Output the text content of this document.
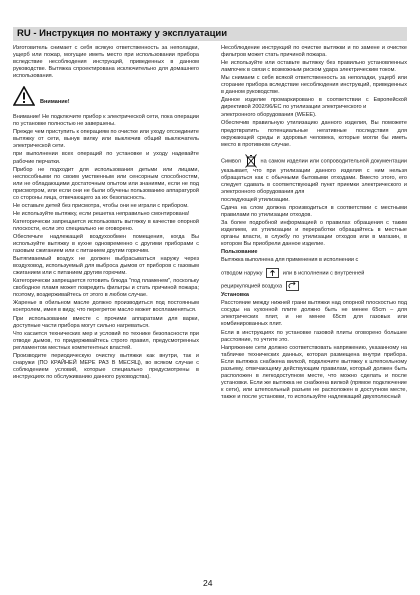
RU - Инструкция по монтажу у эксплуатации

Изготовитель снимает с себя всякую ответственность за неполадки, ущерб или пожар, могущие иметь место при использовании прибора вследствие несоблюдения инструкций, приведенных в данном руководстве. Вытяжка спроектирована исключительно для домашнего использования.

Внимание!

Внимание! Не подключите прибор к электрической сети, пока операции по установке полностью не завершены.

Прежде чем приступить к операциям по очистке или уходу отсоедините вытяжку от сети, вынув вилку или выключив общий выключатель электрической сети.

при выполнении всех операций по установке и уходу надевайте рабочие перчатки.

Прибор не подходит для использования детьми или лицами, неспособными по своим умственным или сенсорным способностям, или не обладающими достаточным опытом или знаниями, если не под присмотром, или если они не были обучены пользованию аппаратурой со стороны лица, отвечающего за их безопасность.

Не оставьте детей без присмотра, чтобы они не играли с прибором.

Не используйте вытяжку, если решетка неправильно смонтирована!

Категорически запрещается использовать вытяжку в качестве опорной плоскости, если это специально не оговорено.

Обеспечьте надлежащей воздухообмен помещения, когда Вы используйте вытяжку в кухне одновременно с другими приборами с газовым сжиганием или с питанием другим горючим.

Вытягиваемый воздух не должен выбрасываться наружу через воздуховод, используемый для выброса дымов от приборов с газовым сжиганием или с питанием другим горючим.

Категорически запрещается готовить блюда "под пламенем", поскольку свободное пламя может повредить фильтры и стать причиной пожара; поэтому, воздерживайтесь от этого в любом случае.

Жаренье в обильном масле должно производиться под постоянным контролем, имея в виду, что перегретое масло может воспламеняться.

При использовании вместе с прочими аппаратами для варки, доступные части прибора могут сильно нагреваться.

Что касается технических мер и условий по технике безопасности при отводе дымов, то придерживайтесь строго правил, предусмотренных регламентом местных компетентных властей.

Производите периодическую очистку вытяжки как внутри, так и снаружи (ПО КРАЙНЕЙ МЕРЕ РАЗ В МЕСЯЦ), во всяком случае с соблюдением условий, которые специально предусмотрены в инструкциях по обслуживанию данного руководства).

Несоблюдение инструкций по очистке вытяжки и по замене и очистке фильтров может стать причиной пожара.

Не используйте или оставьте вытяжку без правильно установленных лампочек в связи с возможным риском удара электрическим током.

Мы снимаем с себя всякой ответственность за неполадки, ущерб или сгорание прибора вследствие несоблюдения инструкций, приведенных в данном руководстве.

Данное изделие промаркировано в соответствии с Европейской директивой 2002/96/ЕС по утилизации электрического и

электронного оборудования (WEEE).

Обеспечив правильную утилизацию данного изделия, Вы поможете предотвратить потенциальные негативные последствия для окружающей среды и здоровья человека, которые могли бы иметь место в противном случае.

Символ	на самом изделии или сопроводительной документации указывает, что при утилизации данного изделия с ним нельзя обращаться как с обычными бытовыми отходами. Вместо этого, его следует сдавать в соответствующий пункт приемки электрического и электронного оборудования для

последующей утилизации.

Сдача на слом должна производиться в соответствии с местными правилами по утилизации отходов.

За более подробной информацией о правилах обращения с таким изделием, их утилизации и переработки обращайтесь в местные органы власти, в службу по утилизации отходов или в магазин, в котором Вы приобрели данное изделие.

Пользование

Вытяжка выполнена для применения в исполнении с

отводом наружу	или в исполнении с внутренней

рециркуляцией воздуха

Установка

Расстояние между нижней грани вытяжки над опорной плоскостью под сосуды на кухонной плите должно быть не менее 65cm – для электрических плит, и не менее 65cm для газовых или комбинированных плит.

Если в инструкциях по установке газовой плиты оговорено большее расстояние, то учтите это.

Напряжение сети должно соответствовать напряжению, указанному на табличке технических данных, которая размещена внутри прибора. Если вытяжка снабжена вилкой, подключите вытяжку к штепсельному разъему, отвечающему действующим правилам, который должен быть расположен в легкодоступном месте, что можно сделать и после установки. Если же вытяжка не снабжена вилкой (прямое подключение к сети), или штепсельный разъем не расположен в доступном месте, также и после установки, то используйте надлежащий двухполюсный

24
